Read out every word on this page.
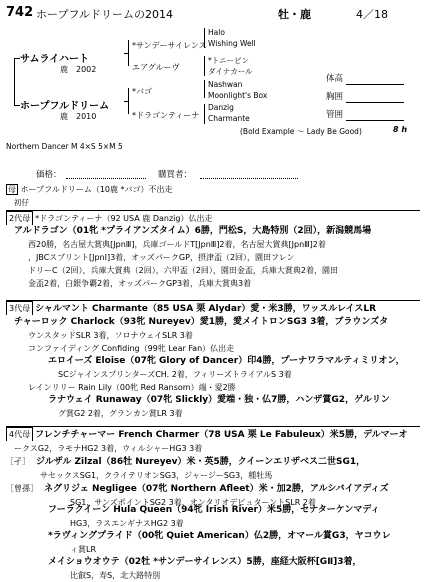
742 ホープフルドリームの2014	牡・鹿	4／18
サムライハート
鹿　2002
ホープフルドリーム
鹿　2010
*サンデーサイレンス
エアグルーヴ
*バゴ
*ドラゴンティーナ
Halo
Wishing Well
*トニービン
ダイナカール
Nashwan
Moonlight's Box
Danzig
Charmante
体高
胸囲
管囲
(Bold Example ～ Lady Be Good)	8 h
Northern Dancer M 4×S 5×M 5
価格：	購買者：
母 ホープフルドリーム（10鹿 *バゴ）不出走
初仔
2代母 *ドラゴンティーナ（92 USA 鹿 Danzig）仏出走
アルドラゴン（01牝 *プライアンズタイム）6勝，門松S，大島特別（2回），新潟競馬場
西20勝，名古屋大賞典[JpnⅢ]，兵庫ゴールドT[JpnⅢ]2着，名古屋大賞典[JpnⅢ]2着
，JBCスプリント[JpnⅠ]3着，オッズパークGP，摂津盃（2回），園田フレン
ドリーC（2回），兵庫大賞典（2回），六甲盃（2回），園田金盃，兵庫大賞典2着，園田
金盃2着，白銀争覇2着，オッズパークGP3着，兵庫大賞典3着
3代母 シャルマント Charmante（85 USA 栗 Alydar）愛・米3勝，ワッスルレイスLR
チャーロック Charlock（93牝 Nureyev）愛1勝，愛メイトロンSG3 3着，ブラウンズタ
ウンスタッドSLR 3着，ソロナウェイSLR 3着
コンファイディング Confiding（99牝 Lear Fan）仏出走
エロイーズ Eloise（07牝 Glory of Dancer）印4勝，プーナワラマルティミリオン，
SCジャインスプリンターズCH. 2着，フィリーズトライアルS 3着
レインリリー Rain Lily（00牝 Red Ransom）端・愛2勝
ラナウェイ Runaway（07牝 Slickly）愛端・独・仏7勝，ハンザ賞G2，ゲルリン
グ賞G2 2着，グランカン賞LR 3着
4代母 フレンチチャーマー French Charmer（78 USA 栗 Le Fabuleux）米5勝，デルマーオ
ークスG2，ラモナHG2 3着，ウィルシャーHG3 3着
［孑］ ジルザル Zilzal（86牡 Nureyev）米・英5勝，クイーンエリザベス二世SG1，
サセックスSG1，クライテリオンSG3，ジャージーSG3，種牡馬
［曾孫］ ネグリジェ Negligee（07牝 Northern Afleet）米・加2勝，アルシバイアディズ
SG1，サンズポイントSG2 3着，オンタリオデビュターントSLR 2着
フーラクイーン Hula Queen（94牝 Irish River）米5勝，セナターケンマディ
HG3，ラスエンギナスHG2 3着
*ラヴィングプライド（00牝 Quiet American）仏2勝，オマール賞G3，ヤコウレ
ィ賞LR
メイショウオウテ（02牡 *サンデーサイレンス）5勝，座経大阪杯[GⅡ]3着，
比叡S，寿S，北大路特別
